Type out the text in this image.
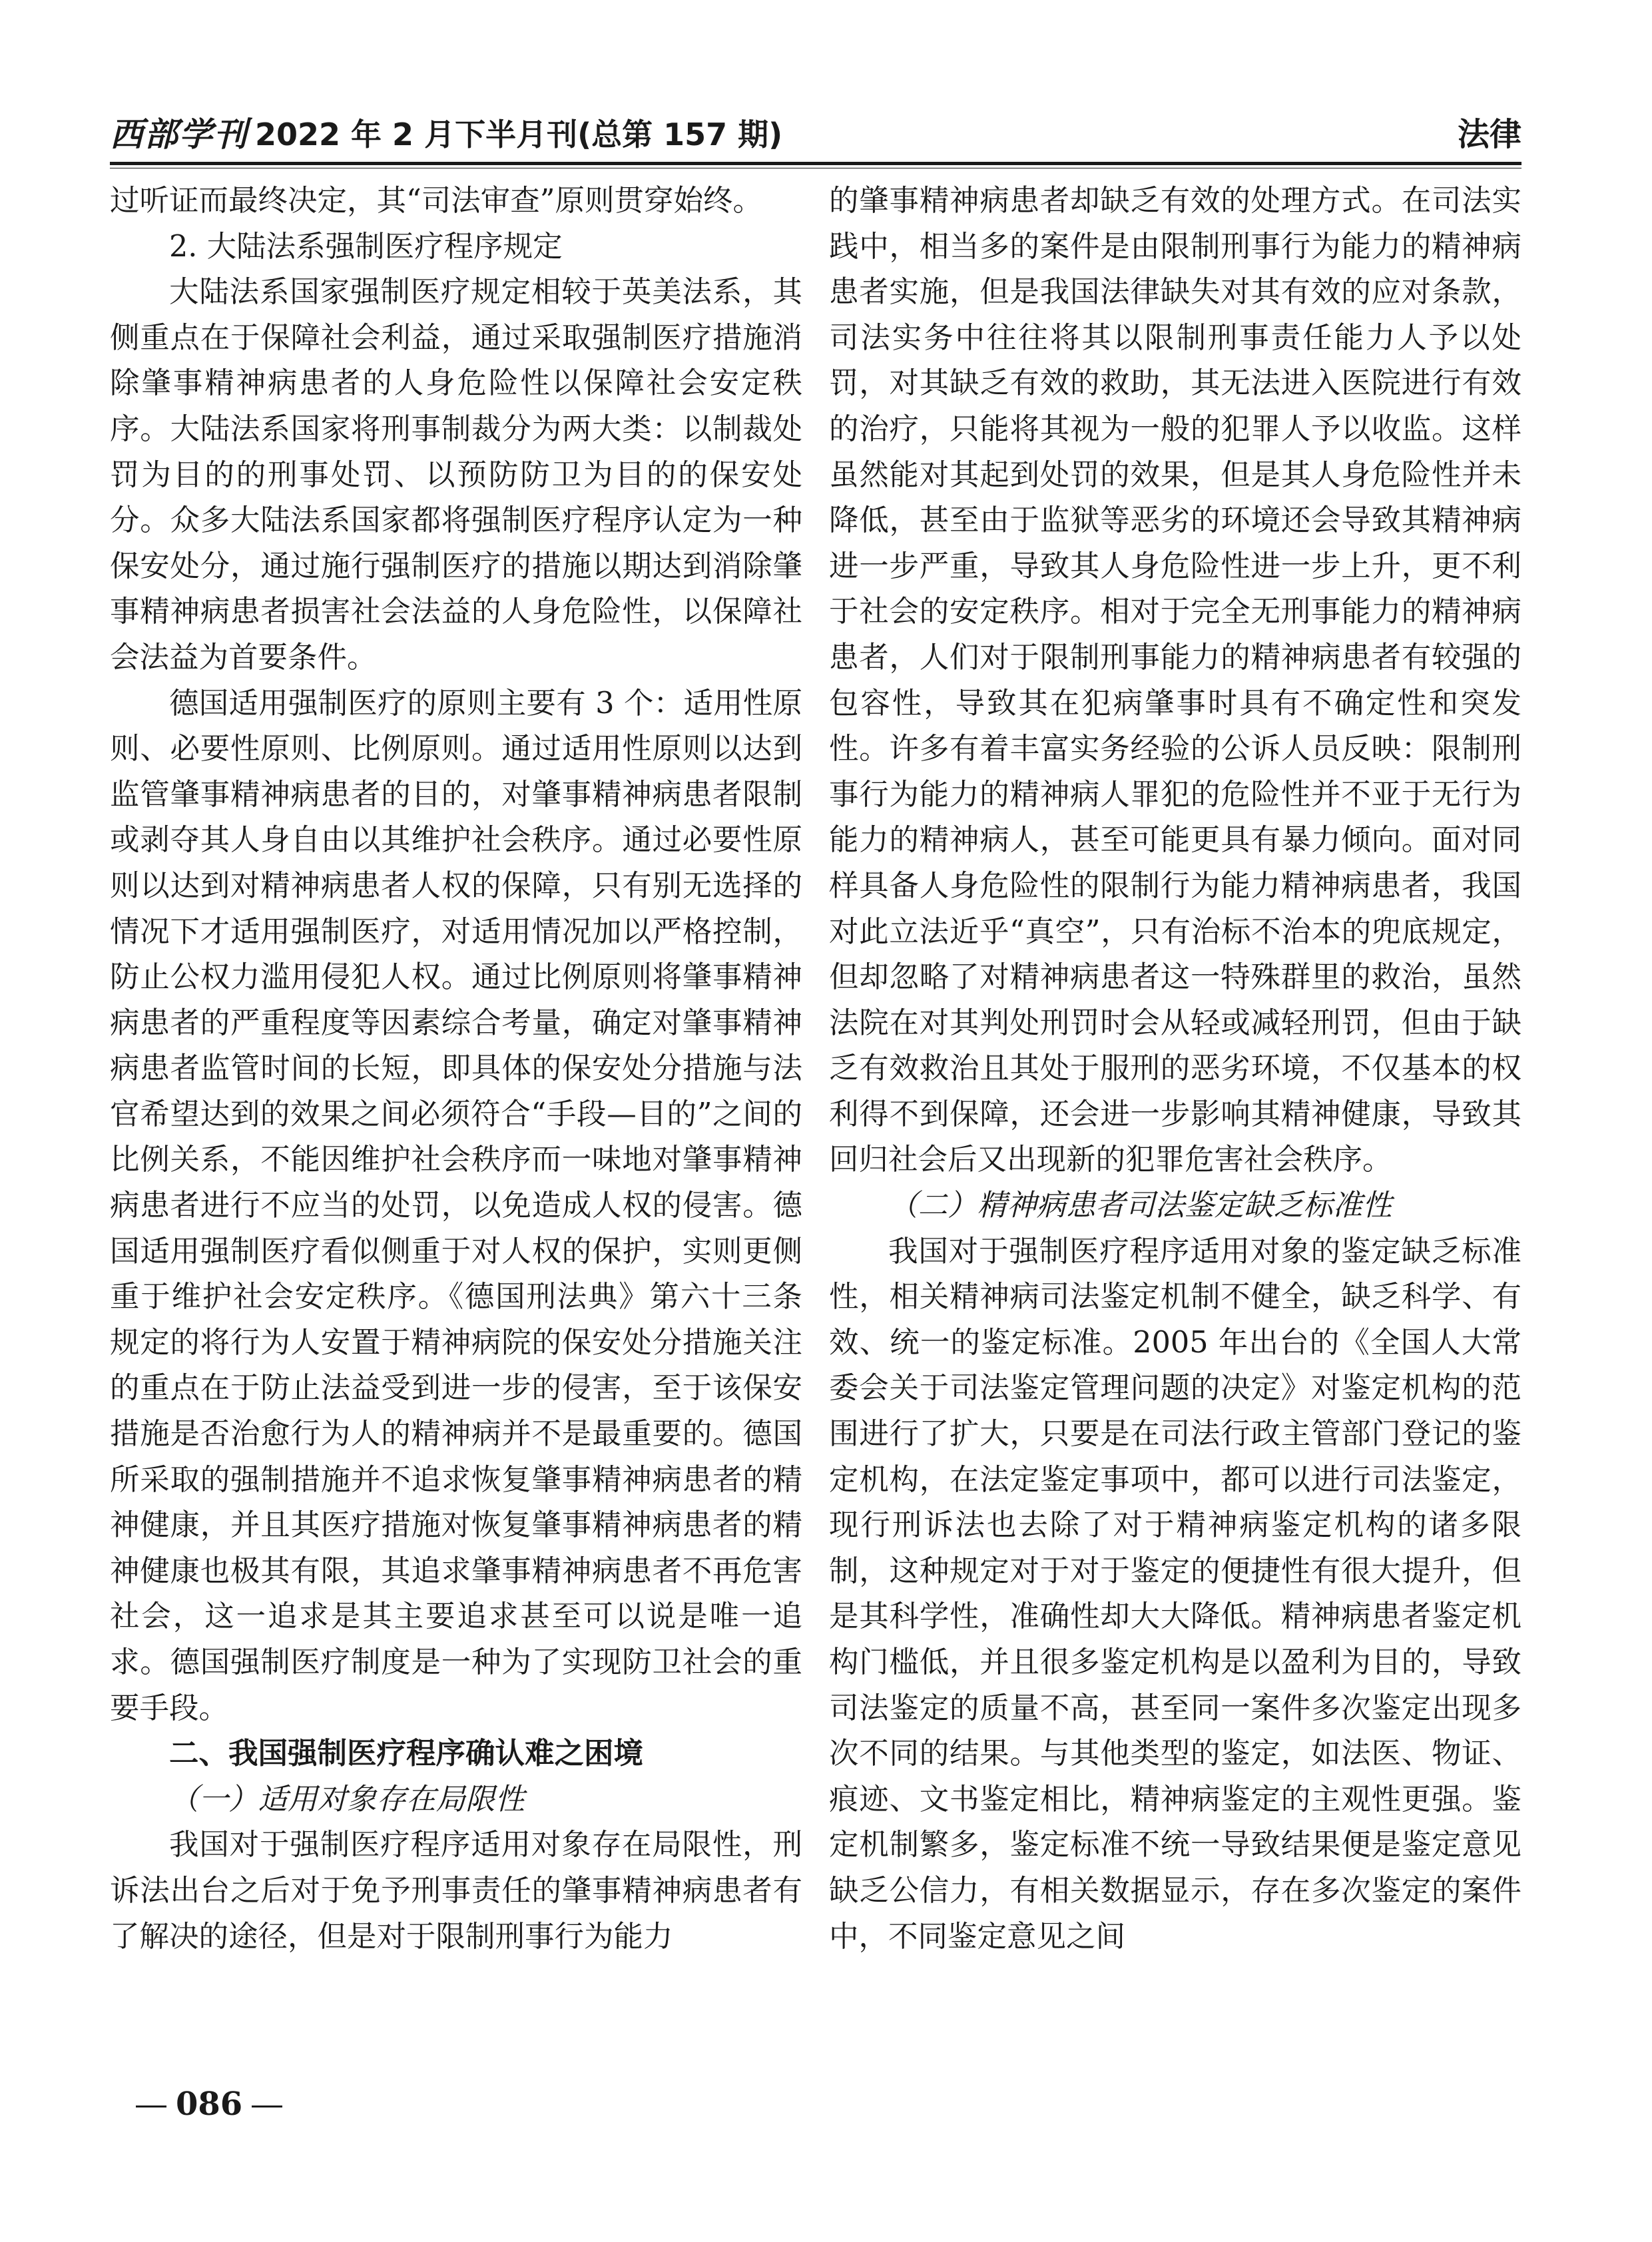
西部学刊 2022 年 2 月下半月刊(总第 157 期)	法律

过听证而最终决定，其“司法审查”原则贯穿始终。

2. 大陆法系强制医疗程序规定

大陆法系国家强制医疗规定相较于英美法系，其侧重点在于保障社会利益，通过采取强制医疗措施消除肇事精神病患者的人身危险性以保障社会安定秩序。大陆法系国家将刑事制裁分为两大类：以制裁处罚为目的的刑事处罚、以预防防卫为目的的保安处分。众多大陆法系国家都将强制医疗程序认定为一种保安处分，通过施行强制医疗的措施以期达到消除肇事精神病患者损害社会法益的人身危险性，以保障社会法益为首要条件。

德国适用强制医疗的原则主要有 3 个：适用性原则、必要性原则、比例原则。通过适用性原则以达到监管肇事精神病患者的目的，对肇事精神病患者限制或剥夺其人身自由以其维护社会秩序。通过必要性原则以达到对精神病患者人权的保障，只有别无选择的情况下才适用强制医疗，对适用情况加以严格控制，防止公权力滥用侵犯人权。通过比例原则将肇事精神病患者的严重程度等因素综合考量，确定对肇事精神病患者监管时间的长短，即具体的保安处分措施与法官希望达到的效果之间必须符合“手段—目的”之间的比例关系，不能因维护社会秩序而一味地对肇事精神病患者进行不应当的处罚，以免造成人权的侵害。德国适用强制医疗看似侧重于对人权的保护，实则更侧重于维护社会安定秩序。《德国刑法典》第六十三条规定的将行为人安置于精神病院的保安处分措施关注的重点在于防止法益受到进一步的侵害，至于该保安措施是否治愈行为人的精神病并不是最重要的。德国所采取的强制措施并不追求恢复肇事精神病患者的精神健康，并且其医疗措施对恢复肇事精神病患者的精神健康也极其有限，其追求肇事精神病患者不再危害社会，这一追求是其主要追求甚至可以说是唯一追求。德国强制医疗制度是一种为了实现防卫社会的重要手段。

二、我国强制医疗程序确认难之困境

（一）适用对象存在局限性

我国对于强制医疗程序适用对象存在局限性，刑诉法出台之后对于免予刑事责任的肇事精神病患者有了解决的途径，但是对于限制刑事行为能力

的肇事精神病患者却缺乏有效的处理方式。在司法实践中，相当多的案件是由限制刑事行为能力的精神病患者实施，但是我国法律缺失对其有效的应对条款，司法实务中往往将其以限制刑事责任能力人予以处罚，对其缺乏有效的救助，其无法进入医院进行有效的治疗，只能将其视为一般的犯罪人予以收监。这样虽然能对其起到处罚的效果，但是其人身危险性并未降低，甚至由于监狱等恶劣的环境还会导致其精神病进一步严重，导致其人身危险性进一步上升，更不利于社会的安定秩序。相对于完全无刑事能力的精神病患者，人们对于限制刑事能力的精神病患者有较强的包容性，导致其在犯病肇事时具有不确定性和突发性。许多有着丰富实务经验的公诉人员反映：限制刑事行为能力的精神病人罪犯的危险性并不亚于无行为能力的精神病人，甚至可能更具有暴力倾向。面对同样具备人身危险性的限制行为能力精神病患者，我国对此立法近乎“真空”，只有治标不治本的兜底规定，但却忽略了对精神病患者这一特殊群里的救治，虽然法院在对其判处刑罚时会从轻或减轻刑罚，但由于缺乏有效救治且其处于服刑的恶劣环境，不仅基本的权利得不到保障，还会进一步影响其精神健康，导致其回归社会后又出现新的犯罪危害社会秩序。

（二）精神病患者司法鉴定缺乏标准性

我国对于强制医疗程序适用对象的鉴定缺乏标准性，相关精神病司法鉴定机制不健全，缺乏科学、有效、统一的鉴定标准。2005 年出台的《全国人大常委会关于司法鉴定管理问题的决定》对鉴定机构的范围进行了扩大，只要是在司法行政主管部门登记的鉴定机构，在法定鉴定事项中，都可以进行司法鉴定，现行刑诉法也去除了对于精神病鉴定机构的诸多限制，这种规定对于对于鉴定的便捷性有很大提升，但是其科学性，准确性却大大降低。精神病患者鉴定机构门槛低，并且很多鉴定机构是以盈利为目的，导致司法鉴定的质量不高，甚至同一案件多次鉴定出现多次不同的结果。与其他类型的鉴定，如法医、物证、痕迹、文书鉴定相比，精神病鉴定的主观性更强。鉴定机制繁多，鉴定标准不统一导致结果便是鉴定意见缺乏公信力，有相关数据显示，存在多次鉴定的案件中，不同鉴定意见之间

086
